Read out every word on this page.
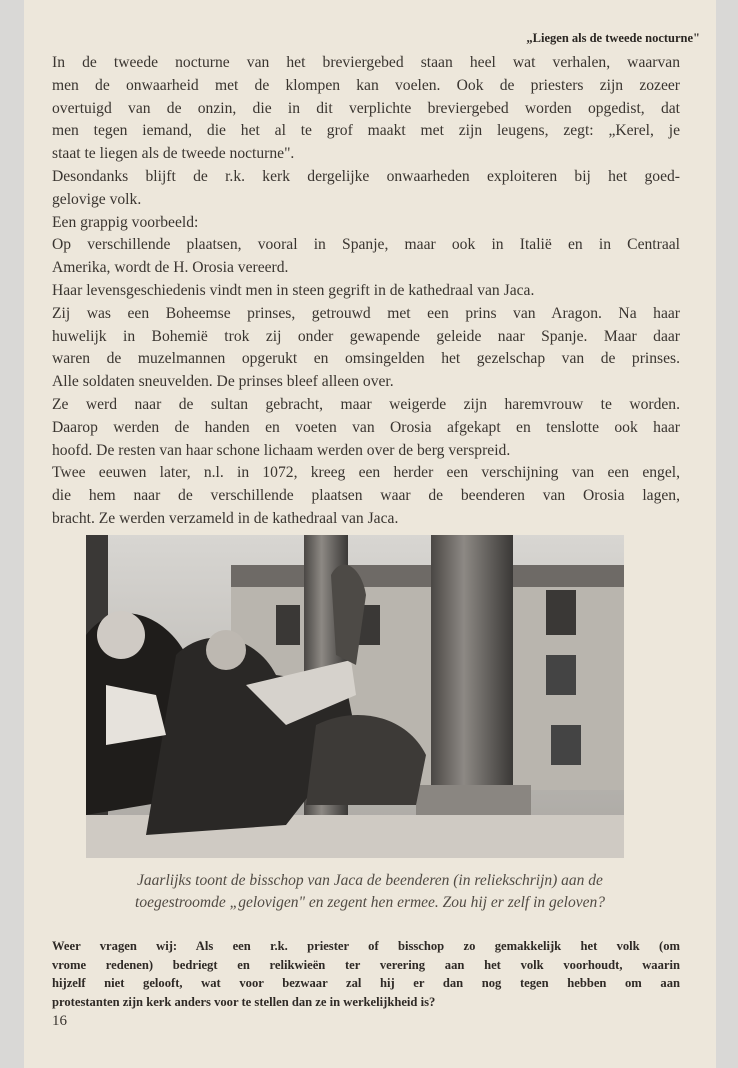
„Liegen als de tweede nocturne"
In de tweede nocturne van het breviergebed staan heel wat verhalen, waarvan
men de onwaarheid met de klompen kan voelen. Ook de priesters zijn zozeer
overtuigd van de onzin, die in dit verplichte breviergebed worden opgedist, dat
men tegen iemand, die het al te grof maakt met zijn leugens, zegt: „Kerel, je
staat te liegen als de tweede nocturne".
Desondanks blijft de r.k. kerk dergelijke onwaarheden exploiteren bij het goed-
gelovige volk.
Een grappig voorbeeld:
Op verschillende plaatsen, vooral in Spanje, maar ook in Italië en in Centraal
Amerika, wordt de H. Orosia vereerd.
Haar levensgeschiedenis vindt men in steen gegrift in de kathedraal van Jaca.
Zij was een Boheemse prinses, getrouwd met een prins van Aragon. Na haar
huwelijk in Bohemië trok zij onder gewapende geleide naar Spanje. Maar daar
waren de muzelmannen opgerukt en omsingelden het gezelschap van de prinses.
Alle soldaten sneuvelden. De prinses bleef alleen over.
Ze werd naar de sultan gebracht, maar weigerde zijn haremvrouw te worden.
Daarop werden de handen en voeten van Orosia afgekapt en tenslotte ook haar
hoofd. De resten van haar schone lichaam werden over de berg verspreid.
Twee eeuwen later, n.l. in 1072, kreeg een herder een verschijning van een engel,
die hem naar de verschillende plaatsen waar de beenderen van Orosia lagen,
bracht. Ze werden verzameld in de kathedraal van Jaca.
Jaarlijks toont de bisschop van Jaca de beenderen (in reliekschrijn) aan de
toegestroomde „gelovigen" en zegent hen ermee. Zou hij er zelf in geloven?
Weer vragen wij: Als een r.k. priester of bisschop zo gemakkelijk het volk (om
vrome redenen) bedriegt en relikwieën ter verering aan het volk voorhoudt, waarin
hijzelf niet gelooft, wat voor bezwaar zal hij er dan nog tegen hebben om aan
protestanten zijn kerk anders voor te stellen dan ze in werkelijkheid is?
16
